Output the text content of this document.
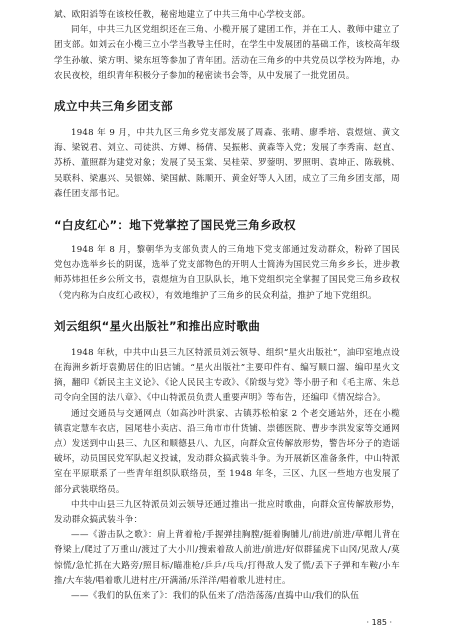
斌、欧阳滔等在该校任教，秘密地建立了中共三角中心学校支部。

同年，中共三九区党组织还在三角、小榄开展了建团工作，并在工人、教师中建立了团支部。如刘云在小榄三立小学当教导主任时，在学生中发展团的基础工作，该校高年级学生孙敏、梁方明、梁东垣等参加了青年团。活动在三角乡的中共党员以学校为阵地，办农民夜校，组织青年积极分子参加的秘密读书会等，从中发展了一批党团员。

成立中共三角乡团支部

1948 年 9 月，中共九区三角乡党支部发展了周森、张晴、廖季培、袁煜煊、黄文海、梁锐君、刘立、司徒洪、方婵、杨倩、吴振彬、黄森等入党；发展了李秀南、赵直、苏桥、董照群为建党对象；发展了吴玉棠、吴桂荣、罗蓥明、罗照明、袁坤正、陈载桃、吴联科、梁惠兴、吴银娣、梁国献、陈顺开、黄金好等人入团，成立了三角乡团支部，周森任团支部书记。

“白皮红心”：地下党掌控了国民党三角乡政权

1948 年 8 月，黎朝华为支部负责人的三角地下党支部通过发动群众，粉碎了国民党包办选举乡长的阴谋，选举了党支部物色的开明人士简涛为国民党三角乡乡长，进步教师苏炜担任乡公所文书，袁煜煊为自卫队队长，地下党组织完全掌握了国民党三角乡政权（党内称为白皮红心政权），有效地维护了三角乡的民众利益，推护了地下党组织。

刘云组织“星火出版社”和推出应时歌曲

1948 年秋，中共中山县三九区特派员刘云领导、组织“星火出版社”，油印室地点设在海洲乡新圩袁勤居住的旧店铺。“星火出版社”主要印件有、编写顺口溜、编印星火文摘，翻印《新民主主义论》、《论人民民主专政》、《阶级与党》等小册子和《毛主席、朱总司令向全国的法八章》、《中山特派员负责人重要声明》等布告，还编印《情况综合》。

通过交通员与交通网点（如高沙叶洪家、古镇苏松柏家 2 个老交通站外，还在小榄镇袁定慧车衣店，园尾巷小卖店、沿三角市市什货铺、崇德医院、曹步李洪发家等交通网点）发送到中山县三、九区和顺德县八、九区，向群众宣传解放形势，警告坏分子的造谣破坏，动员国民党军队起义投诚，发动群众搞武装斗争。为开展新区准备条件，中山特派室在平原联系了一些青年组织队联络员，至 1948 年冬，三区、九区一些地方也发展了部分武装联络员。

中共中山县三九区特派员刘云领导还通过推出一批应时歌曲，向群众宣传解放形势，发动群众搞武装斗争：

——《游击队之歌》：肩上背着枪/手握弹挂胸膛/挺着胸脯儿/前进/前进/草帽儿背在脊梁上/爬过了万重山/渡过了大小川/搜索着敌人前进/前进/好似群猛虎下山冈/见敌人/莫惊慌/急忙抓在大路旁/照目标/瞄准枪/乒乒/乓乓/打得敌人发了慌/丢下子弹和车鞍/小车推/大车装/唱着歌儿进村庄/开满涌/乐洋洋/唱着歌儿进村庄。

——《我们的队伍来了》：我们的队伍来了/浩浩荡荡/直捣中山/我们的队伍

· 185 ·
